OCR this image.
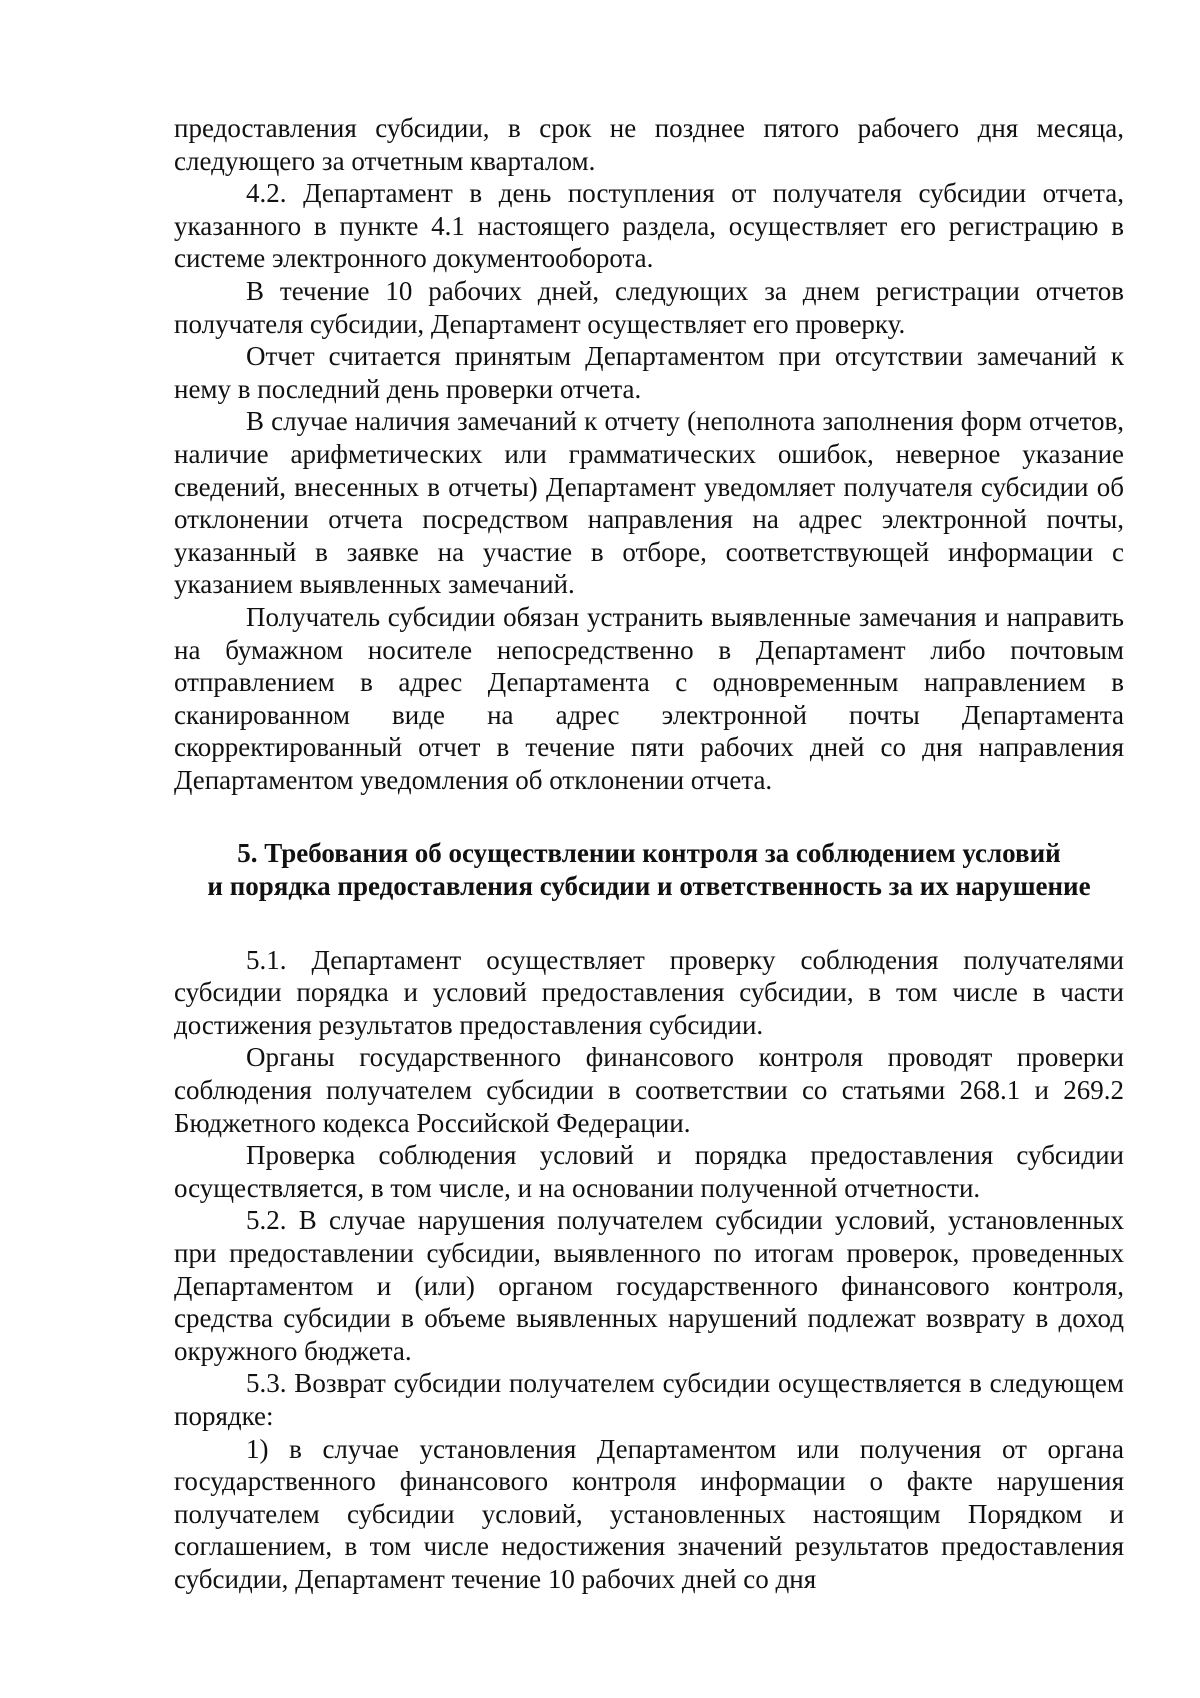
предоставления субсидии, в срок не позднее пятого рабочего дня месяца, следующего за отчетным кварталом.

4.2. Департамент в день поступления от получателя субсидии отчета, указанного в пункте 4.1 настоящего раздела, осуществляет его регистрацию в системе электронного документооборота.

В течение 10 рабочих дней, следующих за днем регистрации отчетов получателя субсидии, Департамент осуществляет его проверку.

Отчет считается принятым Департаментом при отсутствии замечаний к нему в последний день проверки отчета.

В случае наличия замечаний к отчету (неполнота заполнения форм отчетов, наличие арифметических или грамматических ошибок, неверное указание сведений, внесенных в отчеты) Департамент уведомляет получателя субсидии об отклонении отчета посредством направления на адрес электронной почты, указанный в заявке на участие в отборе, соответствующей информации с указанием выявленных замечаний.

Получатель субсидии обязан устранить выявленные замечания и направить на бумажном носителе непосредственно в Департамент либо почтовым отправлением в адрес Департамента с одновременным направлением в сканированном виде на адрес электронной почты Департамента скорректированный отчет в течение пяти рабочих дней со дня направления Департаментом уведомления об отклонении отчета.

5. Требования об осуществлении контроля за соблюдением условий
и порядка предоставления субсидии и ответственность за их нарушение

5.1. Департамент осуществляет проверку соблюдения получателями субсидии порядка и условий предоставления субсидии, в том числе в части достижения результатов предоставления субсидии.

Органы государственного финансового контроля проводят проверки соблюдения получателем субсидии в соответствии со статьями 268.1 и 269.2 Бюджетного кодекса Российской Федерации.

Проверка соблюдения условий и порядка предоставления субсидии осуществляется, в том числе, и на основании полученной отчетности.

5.2. В случае нарушения получателем субсидии условий, установленных при предоставлении субсидии, выявленного по итогам проверок, проведенных Департаментом и (или) органом государственного финансового контроля, средства субсидии в объеме выявленных нарушений подлежат возврату в доход окружного бюджета.

5.3. Возврат субсидии получателем субсидии осуществляется в следующем порядке:

1) в случае установления Департаментом или получения от органа государственного финансового контроля информации о факте нарушения получателем субсидии условий, установленных настоящим Порядком и соглашением, в том числе недостижения значений результатов предоставления субсидии, Департамент течение 10 рабочих дней со дня
